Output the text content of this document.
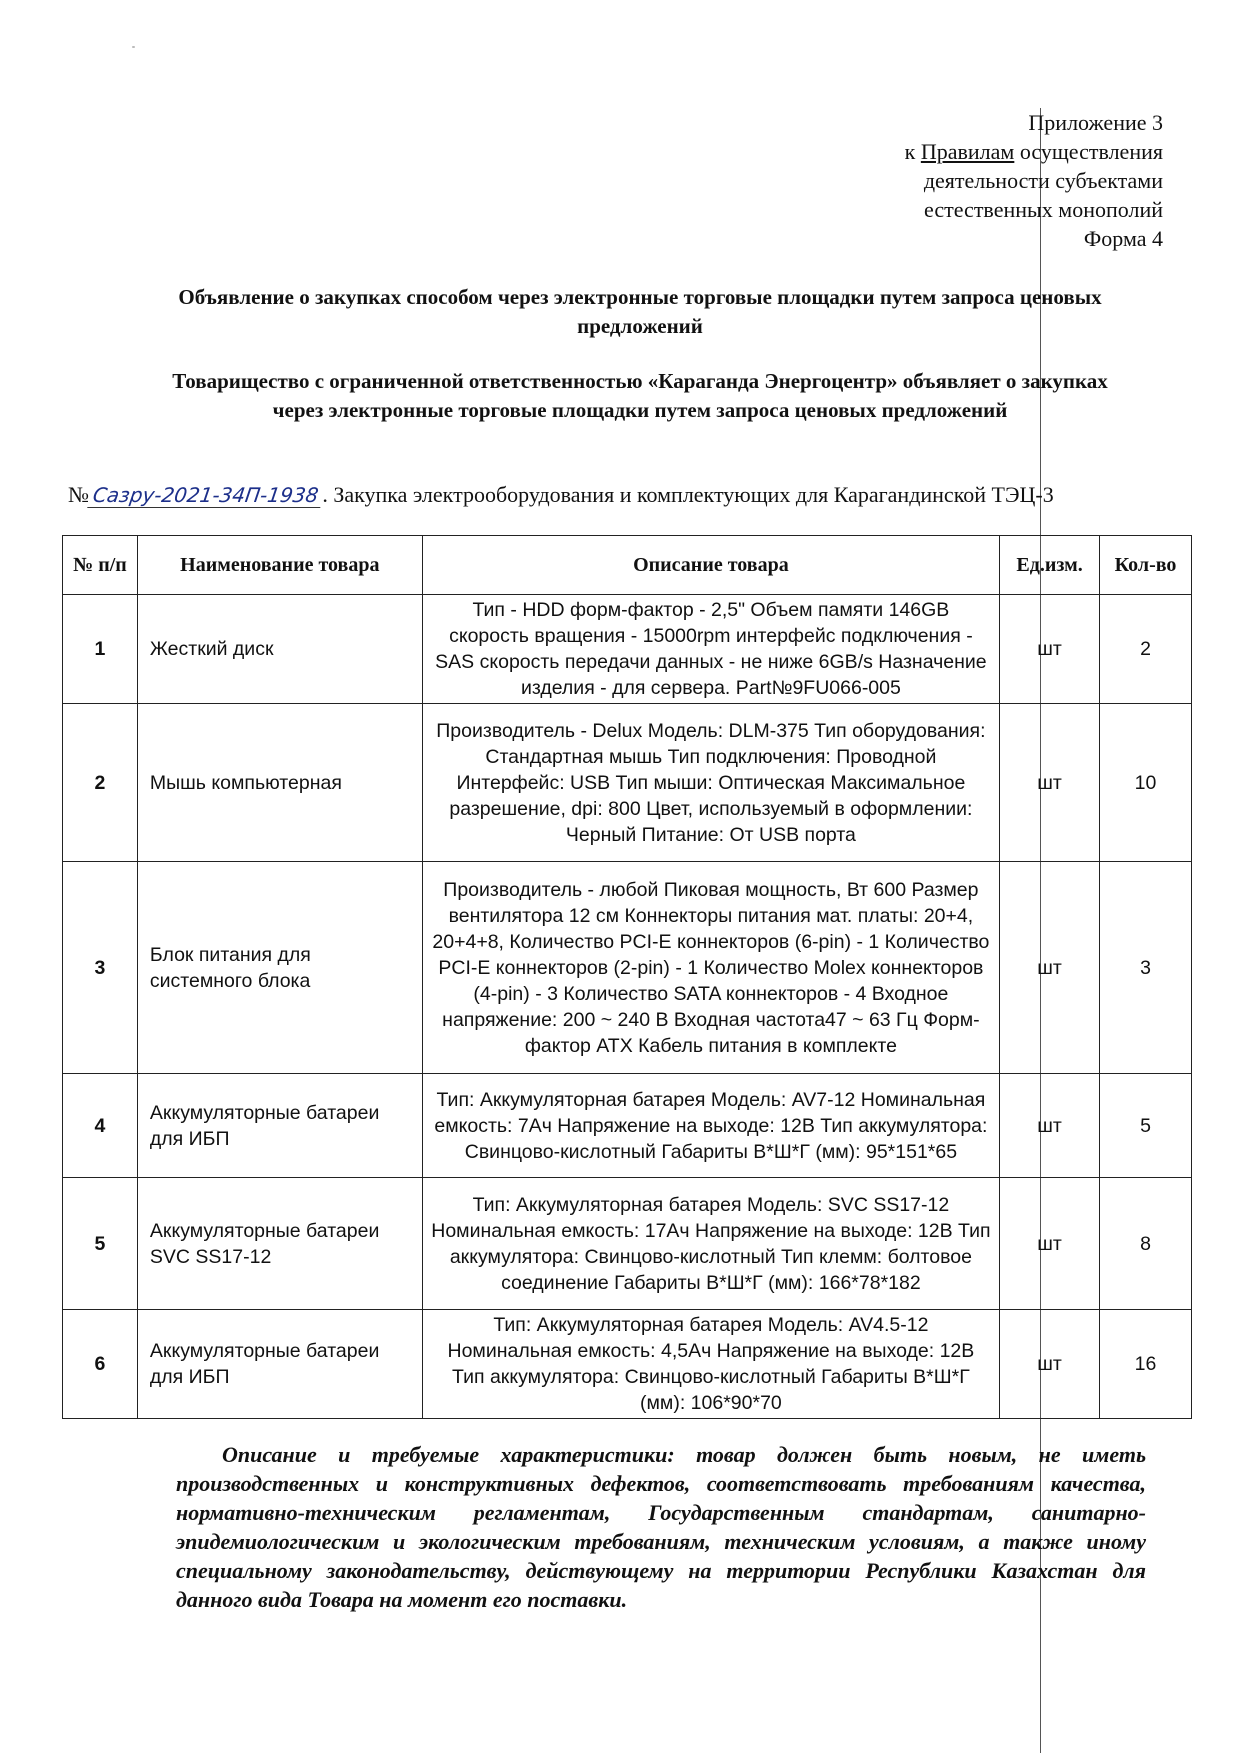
Приложение 3
к Правилам осуществления
деятельности субъектами
естественных монополий
Форма 4
Объявление о закупках способом через электронные торговые площадки путем запроса ценовых предложений
Товарищество с ограниченной ответственностью «Караганда Энергоцентр» объявляет о закупках через электронные торговые площадки путем запроса ценовых предложений
№ Сазру-2021-34П-1938 . Закупка электрооборудования и комплектующих для Карагандинской ТЭЦ-3
№ п/п	Наименование товара	Описание товара	Ед.изм.	Кол-во
1	Жесткий диск	Тип - HDD форм-фактор - 2,5" Объем памяти 146GB скорость вращения - 15000rpm интерфейс подключения - SAS скорость передачи данных - не ниже 6GB/s Назначение изделия - для сервера. Part№9FU066-005	шт	2
2	Мышь компьютерная	Производитель - Delux Модель: DLM-375 Тип оборудования: Стандартная мышь Тип подключения: Проводной Интерфейс: USB Тип мыши: Оптическая Максимальное разрешение, dpi: 800 Цвет, используемый в оформлении: Черный Питание: От USB порта	шт	10
3	Блок питания для системного блока	Производитель - любой Пиковая мощность, Вт 600 Размер вентилятора 12 см Коннекторы питания мат. платы: 20+4, 20+4+8, Количество PCI-E коннекторов (6-pin) - 1 Количество PCI-E коннекторов (2-pin) - 1 Количество Molex коннекторов (4-pin) - 3 Количество SATA коннекторов - 4 Входное напряжение: 200 ~ 240 В Входная частота47 ~ 63 Гц Форм-фактор АТХ Кабель питания в комплекте	шт	3
4	Аккумуляторные батареи для ИБП	Тип: Аккумуляторная батарея Модель: AV7-12 Номинальная емкость: 7Ач Напряжение на выходе: 12В Тип аккумулятора: Свинцово-кислотный Габариты В*Ш*Г (мм): 95*151*65	шт	5
5	Аккумуляторные батареи SVC SS17-12	Тип: Аккумуляторная батарея Модель: SVC SS17-12 Номинальная емкость: 17Ач Напряжение на выходе: 12В Тип аккумулятора: Свинцово-кислотный Тип клемм: болтовое соединение Габариты В*Ш*Г (мм): 166*78*182	шт	8
6	Аккумуляторные батареи для ИБП	Тип: Аккумуляторная батарея Модель: AV4.5-12 Номинальная емкость: 4,5Ач Напряжение на выходе: 12В Тип аккумулятора: Свинцово-кислотный Габариты В*Ш*Г (мм): 106*90*70	шт	16
Описание и требуемые характеристики: товар должен быть новым, не иметь производственных и конструктивных дефектов, соответствовать требованиям качества, нормативно-техническим регламентам, Государственным стандартам, санитарно-эпидемиологическим и экологическим требованиям, техническим условиям, а также иному специальному законодательству, действующему на территории Республики Казахстан для данного вида Товара на момент его поставки.
